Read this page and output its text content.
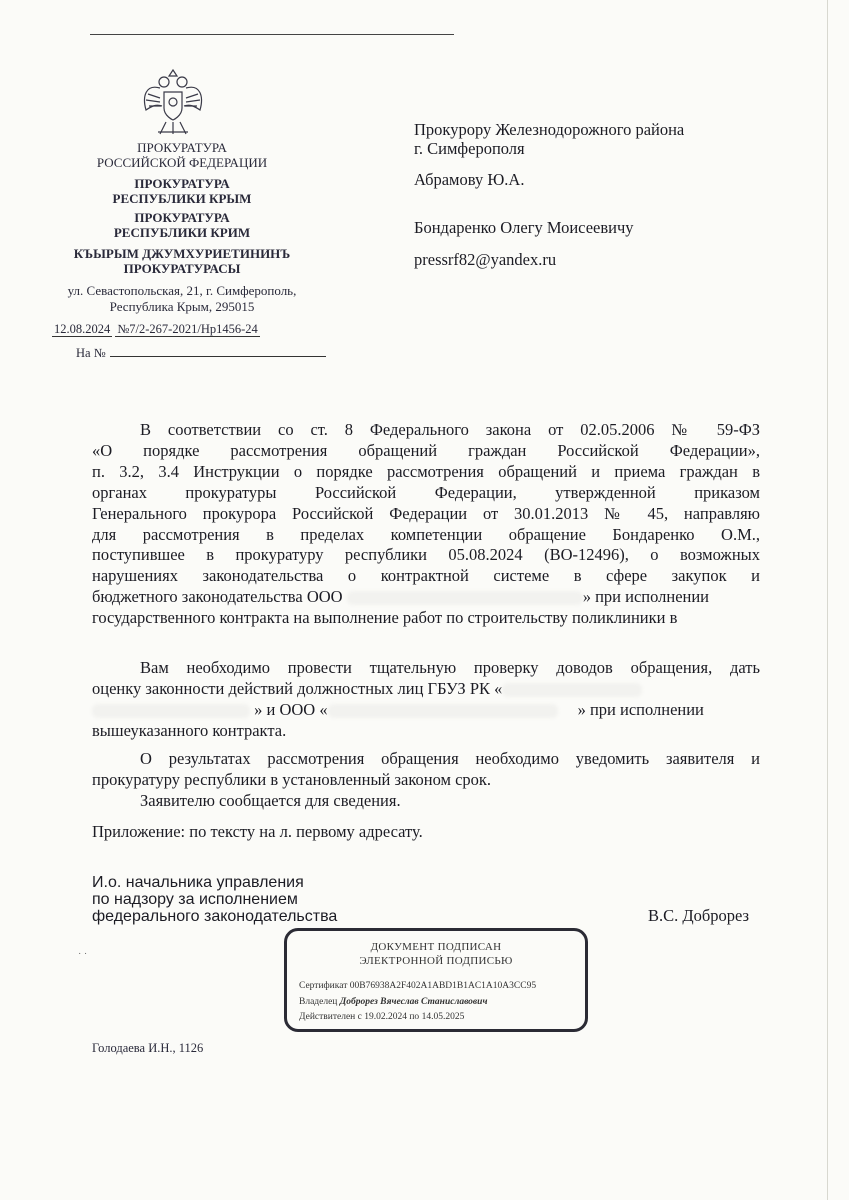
ПРОКУРАТУРА
РОССИЙСКОЙ ФЕДЕРАЦИИ
ПРОКУРАТУРА
РЕСПУБЛИКИ КРЫМ
ПРОКУРАТУРА
РЕСПУБЛИКИ КРИМ
КЪЫРЫМ ДЖУМХУРИЕТИНИНЪ
ПРОКУРАТУРАСЫ
ул. Севастопольская, 21, г. Симферополь,
Республика Крым, 295015
12.08.2024 №7/2-267-2021/Нр1456-24
На №
Прокурору Железнодорожного района
г. Симферополя
Абрамову Ю.А.
Бондаренко Олегу Моисеевичу
pressrf82@yandex.ru
В соответствии со ст. 8 Федерального закона от 02.05.2006 № 59-ФЗ
«О порядке рассмотрения обращений граждан Российской Федерации»,
п. 3.2, 3.4 Инструкции о порядке рассмотрения обращений и приема граждан в
органах прокуратуры Российской Федерации, утвержденной приказом
Генерального прокурора Российской Федерации от 30.01.2013 № 45, направляю
для рассмотрения в пределах компетенции обращение Бондаренко О.М.,
поступившее в прокуратуру республики 05.08.2024 (ВО-12496), о возможных
нарушениях законодательства о контрактной системе в сфере закупок и
бюджетного законодательства ООО	» при исполнении
государственного контракта на выполнение работ по строительству поликлиники в
Вам необходимо провести тщательную проверку доводов обращения, дать
оценку законности действий должностных лиц ГБУЗ РК «
» и ООО «	» при исполнении
вышеуказанного контракта.
О результатах рассмотрения обращения необходимо уведомить заявителя и прокуратуру республики в установленный законом срок.
Заявителю сообщается для сведения.
Приложение: по тексту на л. первому адресату.
И.о. начальника управления
по надзору за исполнением
федерального законодательства	В.С. Доброрез
˙ ˙
ДОКУМЕНТ ПОДПИСАН
ЭЛЕКТРОННОЙ ПОДПИСЬЮ
Сертификат 00B76938A2F402A1ABD1B1AC1A10A3CC95
Владелец Доброрез Вячеслав Станиславович
Действителен с 19.02.2024 по 14.05.2025
Голодаева И.Н., 1126
